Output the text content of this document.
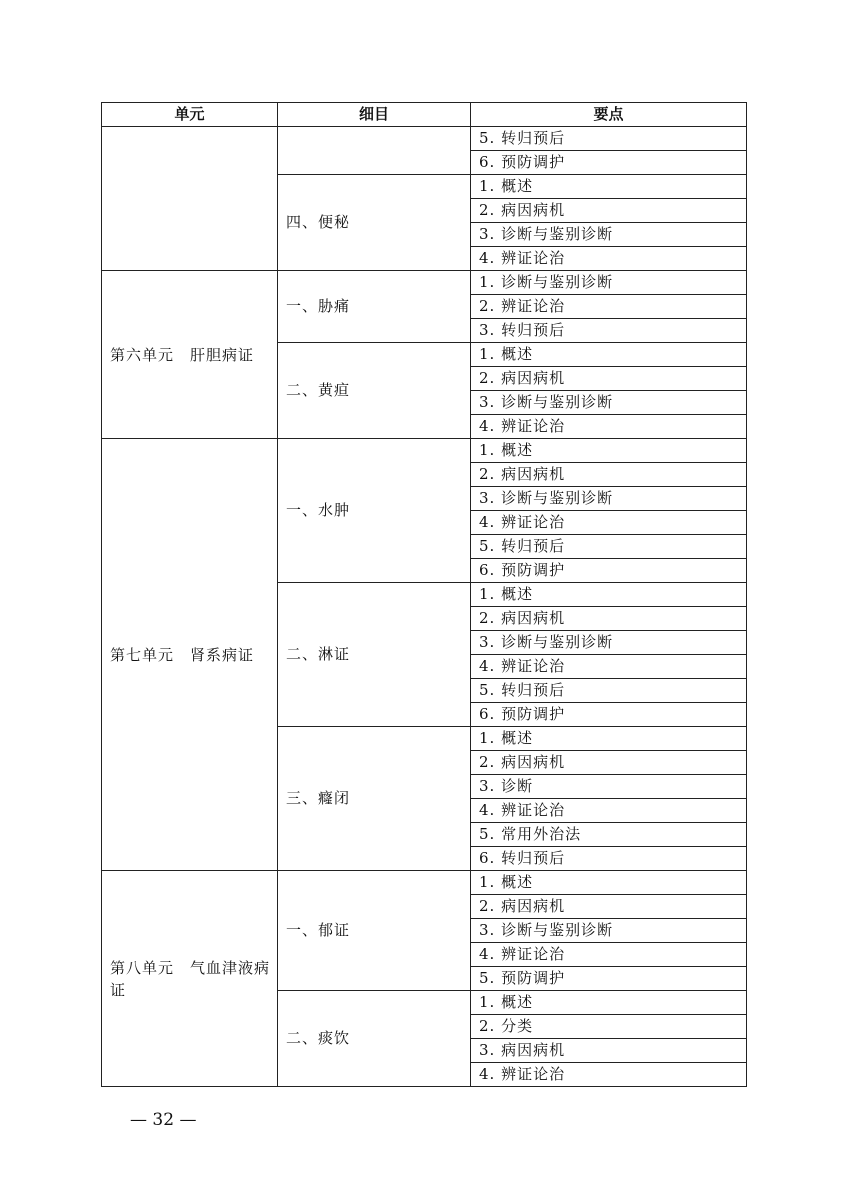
单元	细目	要点
		5. 转归预后
		6. 预防调护
	四、便秘	1. 概述
		2. 病因病机
		3. 诊断与鉴别诊断
		4. 辨证论治
第六单元　肝胆病证	一、胁痛	1. 诊断与鉴别诊断
		2. 辨证论治
		3. 转归预后
	二、黄疸	1. 概述
		2. 病因病机
		3. 诊断与鉴别诊断
		4. 辨证论治
第七单元　肾系病证	一、水肿	1. 概述
		2. 病因病机
		3. 诊断与鉴别诊断
		4. 辨证论治
		5. 转归预后
		6. 预防调护
	二、淋证	1. 概述
		2. 病因病机
		3. 诊断与鉴别诊断
		4. 辨证论治
		5. 转归预后
		6. 预防调护
	三、癃闭	1. 概述
		2. 病因病机
		3. 诊断
		4. 辨证论治
		5. 常用外治法
		6. 转归预后
第八单元　气血津液病证	一、郁证	1. 概述
		2. 病因病机
		3. 诊断与鉴别诊断
		4. 辨证论治
		5. 预防调护
	二、痰饮	1. 概述
		2. 分类
		3. 病因病机
		4. 辨证论治
— 32 —
